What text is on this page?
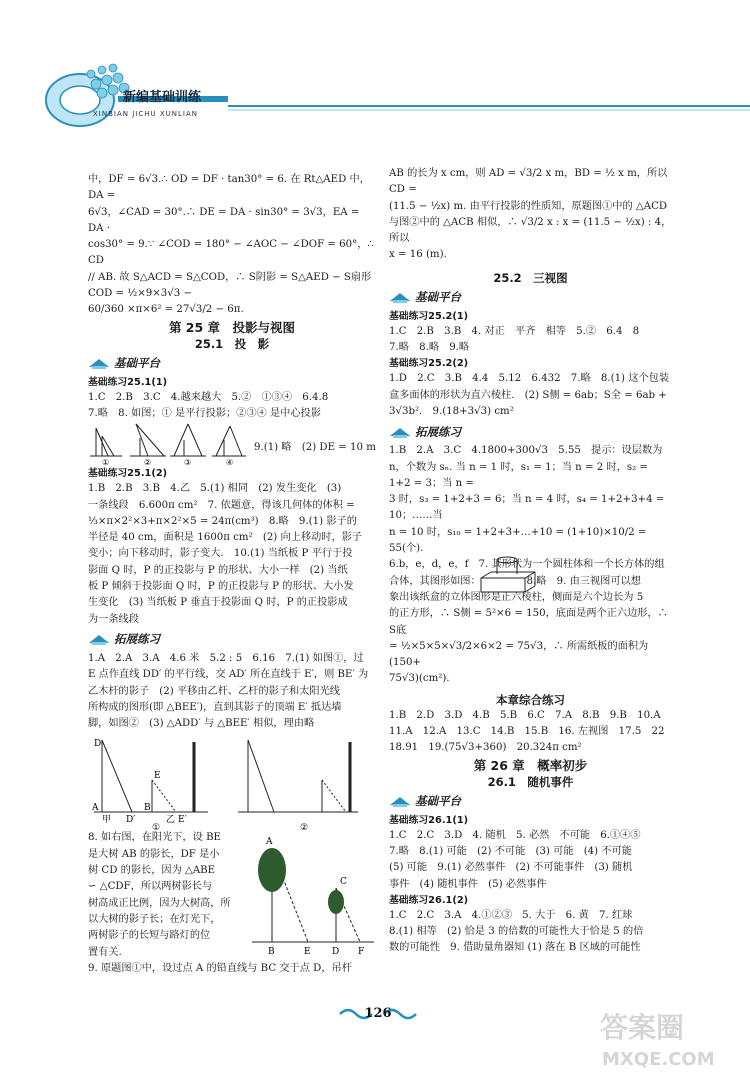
新编基础训练
XINBIAN JICHU XUNLIAN

中，DF = 6√3.∴ OD = DF · tan30° = 6. 在 Rt△AED 中，DA =

6√3，∠CAD = 30°.∴ DE = DA · sin30° = 3√3，EA = DA ·

cos30° = 9.∵ ∠COD = 180° − ∠AOC − ∠DOF = 60°，∴ CD

// AB. 故 S△ACD = S△COD，∴ S阴影 = S△AED − S扇形COD = ½×9×3√3 −

60/360 ×π×6² = 27√3/2 − 6π.

第 25 章　投影与视图
25.1　投　影
基础平台
基础练习25.1(1)

1.C　2.B　3.C　4.越来越大　5.②　①③④　6.4.8

7.略　8. 如图；① 是平行投影；②③④ 是中心投影

①	②	③	④
9.(1) 略　(2) DE = 10 m
基础练习25.1(2)

1.B　2.B　3.B　4.乙　5.(1) 相同　(2) 发生变化　(3)

一条线段　6.600π cm²　7. 依题意，得该几何体的体积 =

⅓×π×2²×3+π×2²×5 = 24π(cm³)　8.略　9.(1) 影子的

半径是 40 cm，面积是 1600π cm²　(2) 向上移动时，影子

变小；向下移动时，影子变大.　10.(1) 当纸板 P 平行于投

影面 Q 时，P 的正投影与 P 的形状、大小一样　(2) 当纸

板 P 倾斜于投影面 Q 时，P 的正投影与 P 的形状、大小发

生变化　(3) 当纸板 P 垂直于投影面 Q 时，P 的正投影成

为一条线段

拓展练习

1.A　2.A　3.A　4.6 米　5.2 : 5　6.16　7.(1) 如图①，过

E 点作直线 DD′ 的平行线，交 AD′ 所在直线于 E′，则 BE′ 为

乙木杆的影子　(2) 平移由乙杆、乙杆的影子和太阳光线

所构成的图形(即 △BEE′)，直到其影子的顶端 E′ 抵达墙

脚，如图②　(3) △ADD′ 与 △BEE′ 相似，理由略

D
E
A	B
甲 D′	乙 E′
①	②

8. 如右图，在阳光下，设 BE

是大树 AB 的影长，DF 是小

树 CD 的影长，因为 △ABE

∽ △CDF，所以两树影长与

树高成正比例，因为大树高，所

以大树的影子长；在灯光下，

两树影子的长短与路灯的位

置有关.

A
C
B	E D F

9. 原题图①中，设过点 A 的铅直线与 BC 交于点 D，吊杆

AB 的长为 x cm，则 AD = √3/2 x m，BD = ½ x m，所以 CD =

(11.5 − ½x) m. 由平行投影的性质知，原题图①中的 △ACD

与图②中的 △ACB 相似，∴ √3/2 x : x = (11.5 − ½x) : 4，所以

x = 16 (m).

25.2　三视图
基础平台
基础练习25.2(1)

1.C　2.B　3.B　4. 对正　平齐　相等　5.②　6.4　8

7.略　8.略　9.略

基础练习25.2(2)

1.D　2.C　3.B　4.4　5.12　6.432　7.略　8.(1) 这个包装

盒多面体的形状为直六棱柱.　(2) S侧 = 6ab；S全 = 6ab +

3√3b².　9.(18+3√3) cm²

拓展练习

1.B　2.A　3.C　4.1800+300√3　5.55　提示：设层数为

n，个数为 sₙ. 当 n = 1 时，s₁ = 1；当 n = 2 时，s₂ = 1+2 = 3；当 n =

3 时，s₃ = 1+2+3 = 6；当 n = 4 时，s₄ = 1+2+3+4 = 10；……当

n = 10 时，s₁₀ = 1+2+3+…+10 = (1+10)×10/2 = 55(个).

6.b，e，d，e，f　7. 其形状为一个圆柱体和一个长方体的组

合体，其图形如图：　　　　　8.略　9. 由三视图可以想

象出该纸盒的立体图形是正六棱柱，侧面是六个边长为 5

的正方形，∴ S侧 = 5²×6 = 150，底面是两个正六边形，∴ S底

= ½×5×5×√3/2×6×2 = 75√3，∴ 所需纸板的面积为 (150+

75√3)(cm²).

本章综合练习

1.B　2.D　3.D　4.B　5.B　6.C　7.A　8.B　9.B　10.A

11.A　12.A　13.C　14.B　15.B　16. 左视图　17.5　22

18.91　19.(75√3+360)　20.324π cm²

第 26 章　概率初步
26.1　随机事件
基础平台
基础练习26.1(1)

1.C　2.C　3.D　4. 随机　5. 必然　不可能　6.①④⑤

7.略　8.(1) 可能　(2) 不可能　(3) 可能　(4) 不可能

(5) 可能　9.(1) 必然事件　(2) 不可能事件　(3) 随机

事件　(4) 随机事件　(5) 必然事件

基础练习26.1(2)

1.C　2.C　3.A　4.①②③　5. 大于　6. 黄　7. 红球

8.(1) 相等　(2) 恰是 3 的倍数的可能性大于恰是 5 的倍

数的可能性　9. 借助量角器知 (1) 落在 B 区域的可能性

126	答案圈
MXQE.COM
